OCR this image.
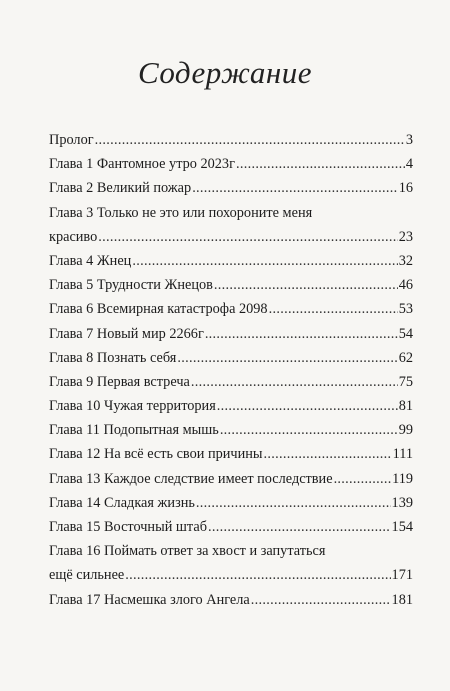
Содержание
Пролог .....	3
Глава 1 Фантомное утро 2023г .....	4
Глава 2 Великий пожар .....	16
Глава 3 Только не это или похороните меня
красиво .....	23
Глава 4 Жнец .....	32
Глава 5 Трудности Жнецов .....	46
Глава 6 Всемирная катастрофа 2098 .....	53
Глава 7 Новый мир 2266г .....	54
Глава 8 Познать себя .....	62
Глава 9 Первая встреча .....	75
Глава 10 Чужая территория .....	81
Глава 11 Подопытная мышь .....	99
Глава 12 На всё есть свои причины .....	111
Глава 13 Каждое следствие имеет последствие .....	119
Глава 14 Сладкая жизнь .....	139
Глава 15 Восточный штаб .....	154
Глава 16 Поймать ответ за хвост и запутаться
ещё сильнее .....	171
Глава 17 Насмешка злого Ангела .....	181
